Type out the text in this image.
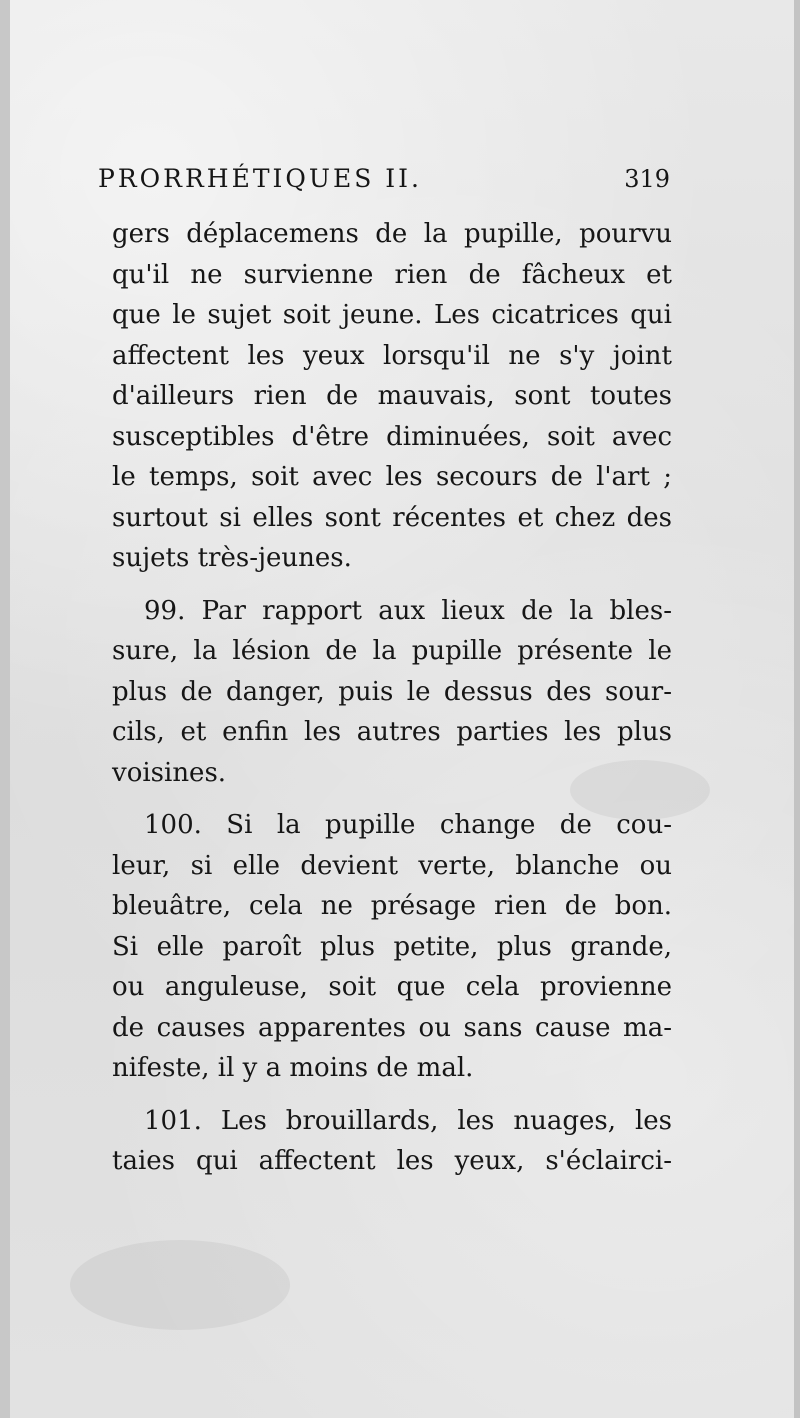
PRORRHÉTIQUES II.	319
gers déplacemens de la pupille, pourvu
qu'il ne survienne rien de fâcheux et
que le sujet soit jeune. Les cicatrices qui
affectent les yeux lorsqu'il ne s'y joint
d'ailleurs rien de mauvais, sont toutes
susceptibles d'être diminuées, soit avec
le temps, soit avec les secours de l'art ;
surtout si elles sont récentes et chez des
sujets très-jeunes.
99. Par rapport aux lieux de la bles-
sure, la lésion de la pupille présente le
plus de danger, puis le dessus des sour-
cils, et enfin les autres parties les plus
voisines.
100. Si la pupille change de cou-
leur, si elle devient verte, blanche ou
bleuâtre, cela ne présage rien de bon.
Si elle paroît plus petite, plus grande,
ou anguleuse, soit que cela provienne
de causes apparentes ou sans cause ma-
nifeste, il y a moins de mal.
101. Les brouillards, les nuages, les
taies qui affectent les yeux, s'éclairci-
